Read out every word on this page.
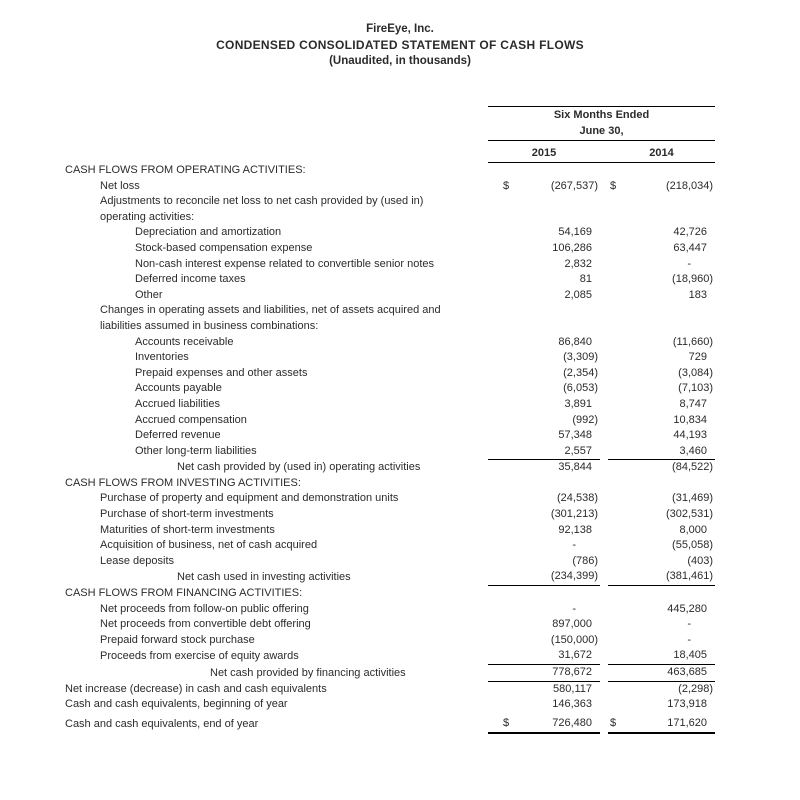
FireEye, Inc.
CONDENSED CONSOLIDATED STATEMENT OF CASH FLOWS
(Unaudited, in thousands)
	Six Months Ended				
	June 30,				
	2015			2014	

CASH FLOWS FROM OPERATING ACTIVITIES:					

Net loss	$	(267,537)		$	(218,034)

Adjustments to reconcile net loss to net cash provided by (used in)
operating activities:					

Depreciation and amortization		54,169			42,726

Stock-based compensation expense		106,286			63,447

Non-cash interest expense related to convertible senior notes		2,832			-

Deferred income taxes		81			(18,960)

Other		2,085			183

Changes in operating assets and liabilities, net of assets acquired and
liabilities assumed in business combinations:					

Accounts receivable		86,840			(11,660)

Inventories		(3,309)			729

Prepaid expenses and other assets		(2,354)			(3,084)

Accounts payable		(6,053)			(7,103)

Accrued liabilities		3,891			8,747

Accrued compensation		(992)			10,834

Deferred revenue		57,348			44,193

Other long-term liabilities		2,557			3,460

Net cash provided by (used in) operating activities		35,844			(84,522)

CASH FLOWS FROM INVESTING ACTIVITIES:					

Purchase of property and equipment and demonstration units		(24,538)			(31,469)

Purchase of short-term investments		(301,213)			(302,531)

Maturities of short-term investments		92,138			8,000

Acquisition of business, net of cash acquired		-			(55,058)

Lease deposits		(786)			(403)

Net cash used in investing activities		(234,399)			(381,461)

CASH FLOWS FROM FINANCING ACTIVITIES:					

Net proceeds from follow-on public offering		-			445,280

Net proceeds from convertible debt offering		897,000			-

Prepaid forward stock purchase		(150,000)			-

Proceeds from exercise of equity awards		31,672			18,405

Net cash provided by financing activities		778,672			463,685

Net increase (decrease) in cash and cash equivalents		580,117			(2,298)

Cash and cash equivalents, beginning of year		146,363			173,918

Cash and cash equivalents, end of year	$	726,480		$	171,620
